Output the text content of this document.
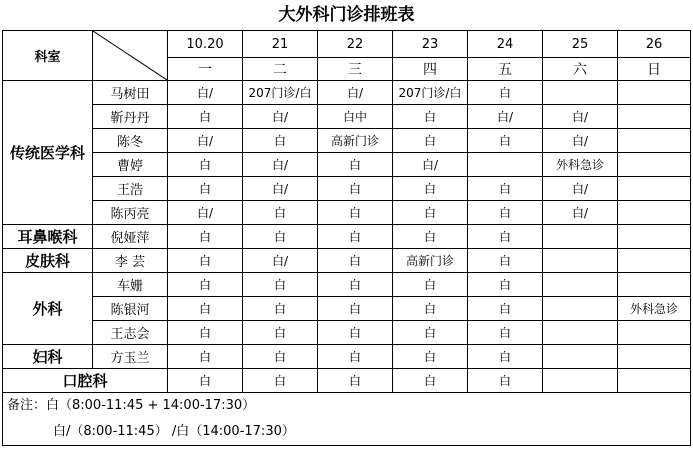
大外科门诊排班表
科室		10.20	21	22	23	24	25	26
		一	二	三	四	五	六	日
传统医学科	马树田	白/	207门诊/白	白/	207门诊/白	白		
	靳丹丹	白	白/	白中	白	白/	白/	
	陈冬	白/	白	高新门诊	白	白	白/	
	曹婷	白	白/	白	白/		外科急诊	
	王浩	白	白/	白	白	白	白/	
	陈丙亮	白/	白	白	白	白	白/	
耳鼻喉科	倪娅萍	白	白	白	白	白		
皮肤科	李 芸	白	白/	白	高新门诊	白		
外科	车姗	白	白	白	白	白		
	陈银河	白	白	白	白	白		外科急诊
	王志会	白	白	白	白	白		
妇科	方玉兰	白	白	白	白	白		
口腔科		白	白	白	白	白		

备注：白（8:00-11:45 + 14:00-17:30）
白/（8:00-11:45） /白（14:00-17:30）								
